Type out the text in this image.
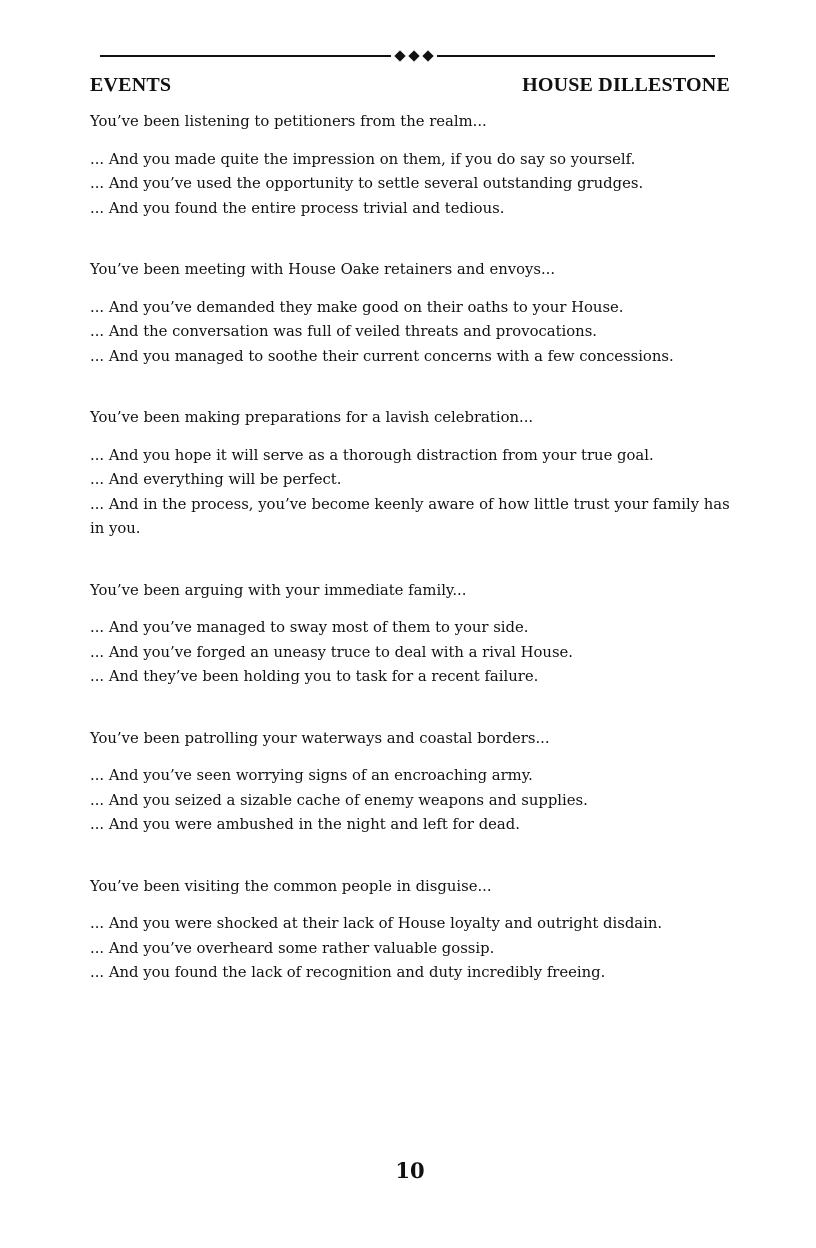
EVENTS	HOUSE DILLESTONE

You’ve been listening to petitioners from the realm...

... And you made quite the impression on them, if you do say so yourself.

... And you’ve used the opportunity to settle several outstanding grudges.

... And you found the entire process trivial and tedious.

You’ve been meeting with House Oake retainers and envoys...

... And you’ve demanded they make good on their oaths to your House.

... And the conversation was full of veiled threats and provocations.

... And you managed to soothe their current concerns with a few concessions.

You’ve been making preparations for a lavish celebration...

... And you hope it will serve as a thorough distraction from your true goal.

... And everything will be perfect.

... And in the process, you’ve become keenly aware of how little trust your family has in you.

You’ve been arguing with your immediate family...

... And you’ve managed to sway most of them to your side.

... And you’ve forged an uneasy truce to deal with a rival House.

... And they’ve been holding you to task for a recent failure.

You’ve been patrolling your waterways and coastal borders...

... And you’ve seen worrying signs of an encroaching army.

... And you seized a sizable cache of enemy weapons and supplies.

... And you were ambushed in the night and left for dead.

You’ve been visiting the common people in disguise...

... And you were shocked at their lack of House loyalty and outright disdain.

... And you’ve overheard some rather valuable gossip.

... And you found the lack of recognition and duty incredibly freeing.

10
